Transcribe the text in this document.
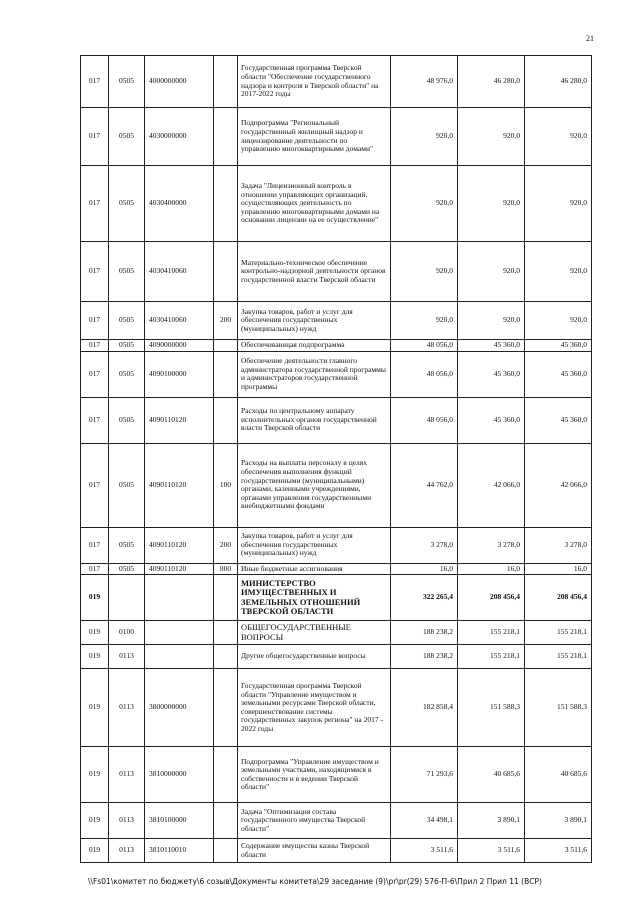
21
017	0505	4000000000		Государственная программа Тверской области "Обеспечение государственного надзора и контроля в Тверской области" на 2017-2022 годы	48 976,0	46 280,0	46 280,0
017	0505	4030000000		Подпрограмма "Региональный государственный жилищный надзор и лицензирование деятельности по управлению многоквартирными домами"	920,0	920,0	920,0
017	0505	4030400000		Задача "Лицензионный контроль в отношении управляющих организаций, осуществляющих деятельность по управлению многоквартирными домами на основании лицензии на ее осуществление"	920,0	920,0	920,0
017	0505	4030410060		Материально-техническое обеспечение контрольно-надзорной деятельности органов государственной власти Тверской области	920,0	920,0	920,0
017	0505	4030410060	200	Закупка товаров, работ и услуг для обеспечения государственных (муниципальных) нужд	920,0	920,0	920,0
017	0505	4090000000		Обеспечивающая подпрограмма	48 056,0	45 360,0	45 360,0
017	0505	4090100000		Обеспечение деятельности главного администратора государственной программы и администраторов государственной программы	48 056,0	45 360,0	45 360,0
017	0505	4090110120		Расходы по центральному аппарату исполнительных органов государственной власти Тверской области	48 056,0	45 360,0	45 360,0
017	0505	4090110120	100	Расходы на выплаты персоналу в целях обеспечения выполнения функций государственными (муниципальными) органами, казенными учреждениями, органами управления государственными внебюджетными фондами	44 762,0	42 066,0	42 066,0
017	0505	4090110120	200	Закупка товаров, работ и услуг для обеспечения государственных (муниципальных) нужд	3 278,0	3 278,0	3 278,0
017	0505	4090110120	800	Иные бюджетные ассигнования	16,0	16,0	16,0
019				МИНИСТЕРСТВО ИМУЩЕСТВЕННЫХ И ЗЕМЕЛЬНЫХ ОТНОШЕНИЙ ТВЕРСКОЙ ОБЛАСТИ	322 265,4	208 456,4	208 456,4
019	0100			ОБЩЕГОСУДАРСТВЕННЫЕ ВОПРОСЫ	188 238,2	155 218,1	155 218,1
019	0113			Другие общегосударственные вопросы	188 238,2	155 218,1	155 218,1
019	0113	3800000000		Государственная программа Тверской области "Управление имуществом и земельными ресурсами Тверской области, совершенствование системы государственных закупок региона" на 2017 - 2022 годы	182 858,4	151 588,3	151 588,3
019	0113	3810000000		Подпрограмма "Управление имуществом и земельными участками, находящимися в собственности и в ведении Тверской области"	71 293,6	40 685,6	40 685,6
019	0113	3810100000		Задача "Оптимизация состава государственного имущества Тверской области"	34 498,1	3 890,1	3 890,1
019	0113	3810110010		Содержание имущества казны Тверской области	3 511,6	3 511,6	3 511,6
\\Fs01\комитет по бюджету\6 созыв\Документы комитета\29 заседание (9)\pr\pr(29) 576-П-6\Прил 2 Прил 11 (ВСР)
